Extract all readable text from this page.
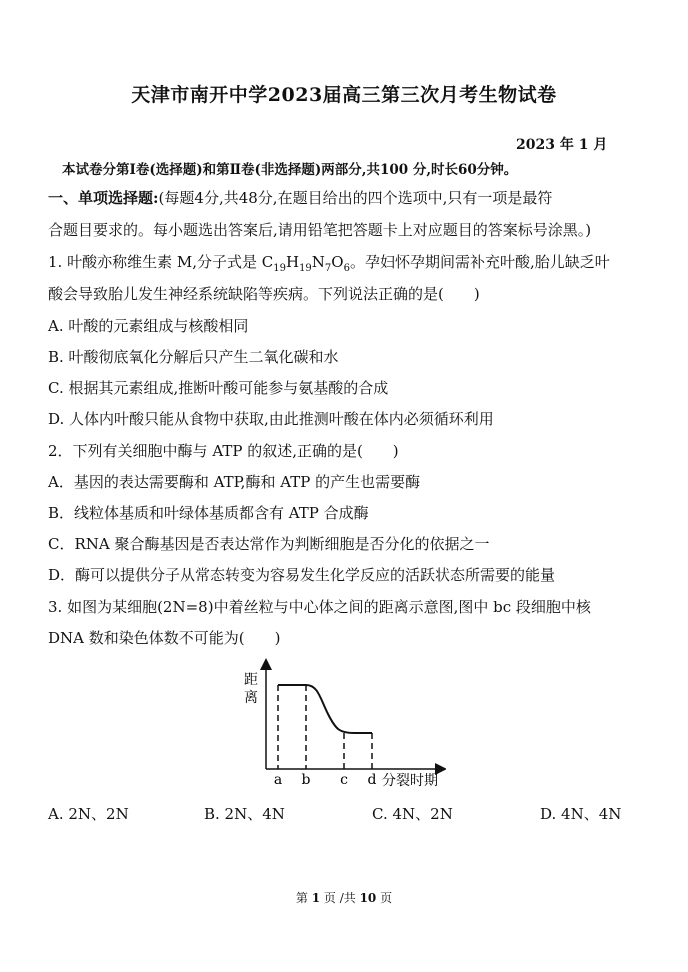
天津市南开中学2023届高三第三次月考生物试卷
2023 年 1 月
本试卷分第Ⅰ卷(选择题)和第Ⅱ卷(非选择题)两部分,共100 分,时长60分钟。
一、单项选择题:(每题4分,共48分,在题目给出的四个选项中,只有一项是最符
合题目要求的。每小题选出答案后,请用铅笔把答题卡上对应题目的答案标号涂黑。)
1. 叶酸亦称维生素 M,分子式是 $C_{19}H_{19}N_7O_6$。孕妇怀孕期间需补充叶酸,胎儿缺乏叶
酸会导致胎儿发生神经系统缺陷等疾病。下列说法正确的是(　　)
A. 叶酸的元素组成与核酸相同
B. 叶酸彻底氧化分解后只产生二氧化碳和水
C. 根据其元素组成,推断叶酸可能参与氨基酸的合成
D. 人体内叶酸只能从食物中获取,由此推测叶酸在体内必须循环利用
2．下列有关细胞中酶与 ATP 的叙述,正确的是(　　)
A．基因的表达需要酶和 ATP,酶和 ATP 的产生也需要酶
B．线粒体基质和叶绿体基质都含有 ATP 合成酶
C．RNA 聚合酶基因是否表达常作为判断细胞是否分化的依据之一
D．酶可以提供分子从常态转变为容易发生化学反应的活跃状态所需要的能量
3. 如图为某细胞(2N=8)中着丝粒与中心体之间的距离示意图,图中 bc 段细胞中核
DNA 数和染色体数不可能为(　　)
距
离
a b c d 分裂时期
A. 2N、2N	B. 2N、4N	C. 4N、2N	D. 4N、4N
第 1 页 /共 10 页
